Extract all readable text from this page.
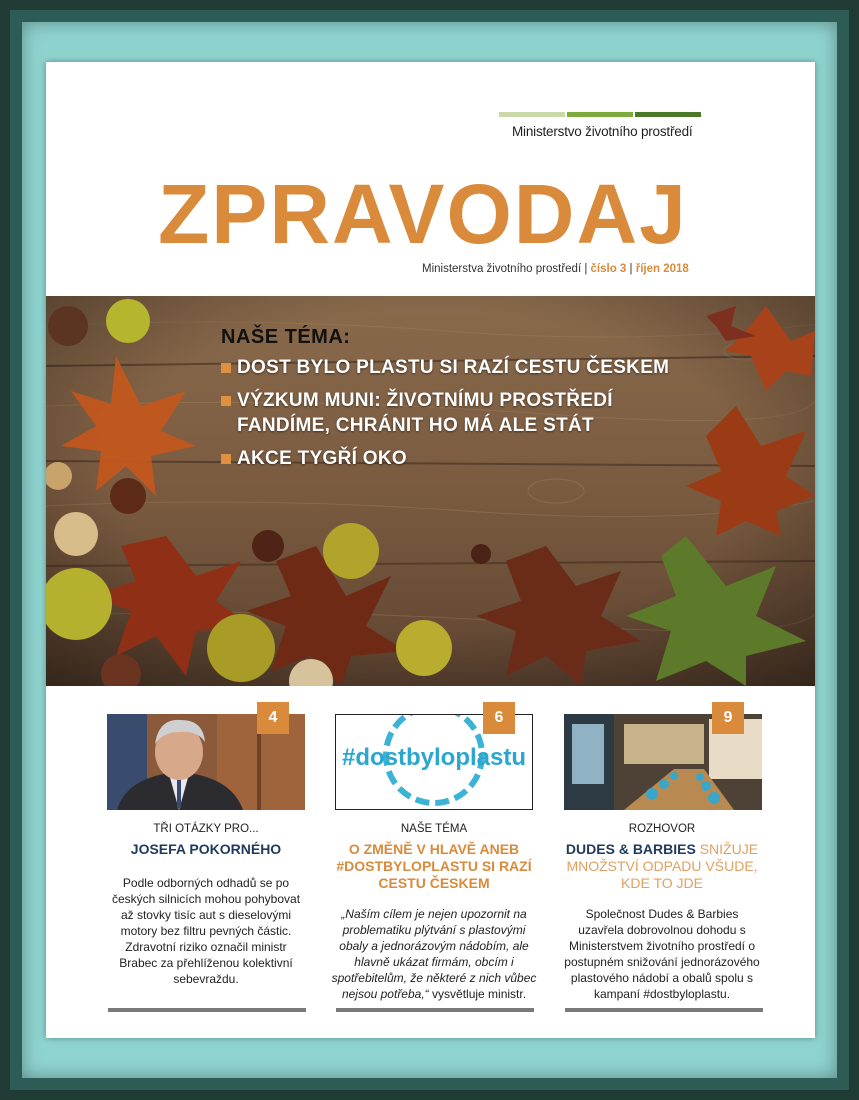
Ministerstvo životního prostředí
ZPRAVODAJ
Ministerstva životního prostředí | číslo 3 | říjen 2018
NAŠE TÉMA:
DOST BYLO PLASTU SI RAZÍ CESTU ČESKEM
VÝZKUM MUNI: ŽIVOTNÍMU PROSTŘEDÍ FANDÍME, CHRÁNIT HO MÁ ALE STÁT
AKCE TYGŘÍ OKO
4
TŘI OTÁZKY PRO...
JOSEFA POKORNÉHO
Podle odborných odhadů se po českých silnicích mohou pohybovat až stovky tisíc aut s dieselovými motory bez filtru pevných částic. Zdravotní riziko označil ministr Brabec za přehlíženou kolektivní sebevraždu.
#dostbyloplastu
6
NAŠE TÉMA
O ZMĚNĚ V HLAVĚ ANEB #DOSTBYLOPLASTU SI RAZÍ CESTU ČESKEM
„Naším cílem je nejen upozornit na problematiku plýtvání s plastovými obaly a jednorázovým nádobím, ale hlavně ukázat firmám, obcím i spotřebitelům, že některé z nich vůbec nejsou potřeba,“ vysvětluje ministr.
9
ROZHOVOR
DUDES & BARBIES SNIŽUJE MNOŽSTVÍ ODPADU VŠUDE, KDE TO JDE
Společnost Dudes & Barbies uzavřela dobrovolnou dohodu s Ministerstvem životního prostředí o postupném snižování jednorázového plastového nádobí a obalů spolu s kampaní #dostbyloplastu.
